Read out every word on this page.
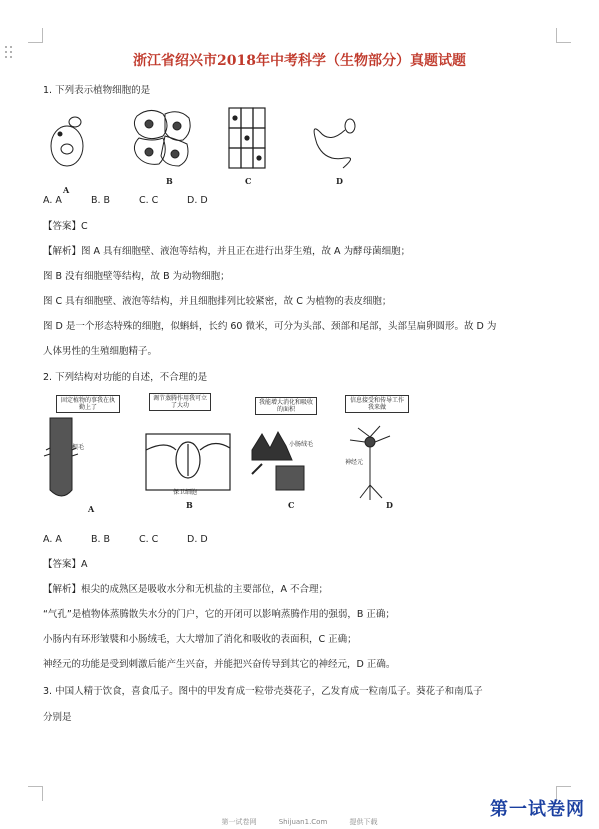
浙江省绍兴市2018年中考科学（生物部分）真题试题
1. 下列表示植物细胞的是
A
B	C	D
A. A	B. B	C. C	D. D
【答案】C
【解析】图 A 具有细胞壁、液泡等结构，并且正在进行出芽生殖，故 A 为酵母菌细胞；
图 B 没有细胞壁等结构，故 B 为动物细胞；
图 C 具有细胞壁、液泡等结构，并且细胞排列比较紧密，故 C 为植物的表皮细胞；
图 D 是一个形态特殊的细胞，似蝌蚪，长约 60 微米，可分为头部、颈部和尾部，头部呈扁卵圆形。故 D 为
人体男性的生殖细胞精子。
2. 下列结构对功能的自述，不合理的是
固定植物的事我在执勤上了
调节蒸腾作用我可立了大功	我能增大消化和吸收的面积
信息接受和传导工作我来做
根毛
保卫细胞
小肠绒毛
神经元
A	B	C	D
A. A	B. B	C. C	D. D
【答案】A
【解析】根尖的成熟区是吸收水分和无机盐的主要部位，A 不合理；
“气孔”是植物体蒸腾散失水分的门户，它的开闭可以影响蒸腾作用的强弱，B 正确；
小肠内有环形皱襞和小肠绒毛，大大增加了消化和吸收的表面积，C 正确；
神经元的功能是受到刺激后能产生兴奋，并能把兴奋传导到其它的神经元，D 正确。
3. 中国人精于饮食，喜食瓜子。图中的甲发育成一粒带壳葵花子，乙发育成一粒南瓜子。葵花子和南瓜子
分别是
第一试卷网
第一试卷网	Shijuan1.Com	提供下载
